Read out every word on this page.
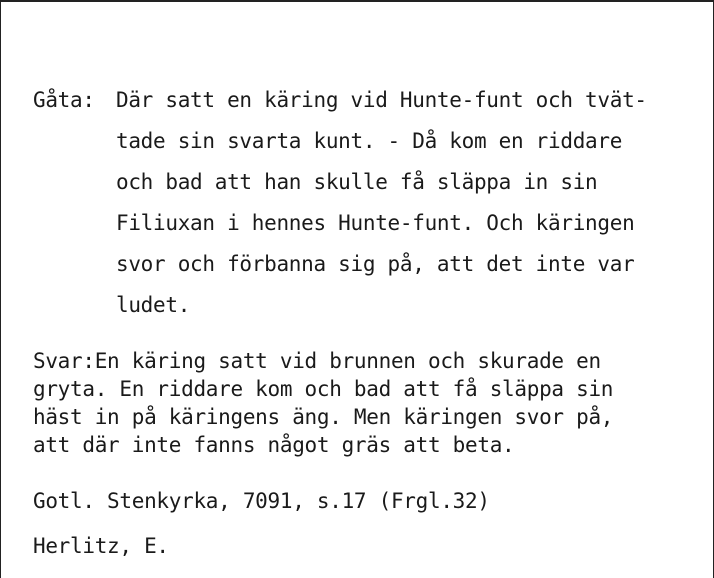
Gåta: Där satt en käring vid Hunte-funt och tvät-
tade sin svarta kunt. - Då kom en riddare
och bad att han skulle få släppa in sin
Filiuxan i hennes Hunte-funt. Och käringen
svor och förbanna sig på, att det inte var
ludet.
Svar:En käring satt vid brunnen och skurade en
gryta. En riddare kom och bad att få släppa sin
häst in på käringens äng. Men käringen svor på,
att där inte fanns något gräs att beta.
Gotl. Stenkyrka, 7091, s.17 (Frgl.32)
Herlitz, E.
